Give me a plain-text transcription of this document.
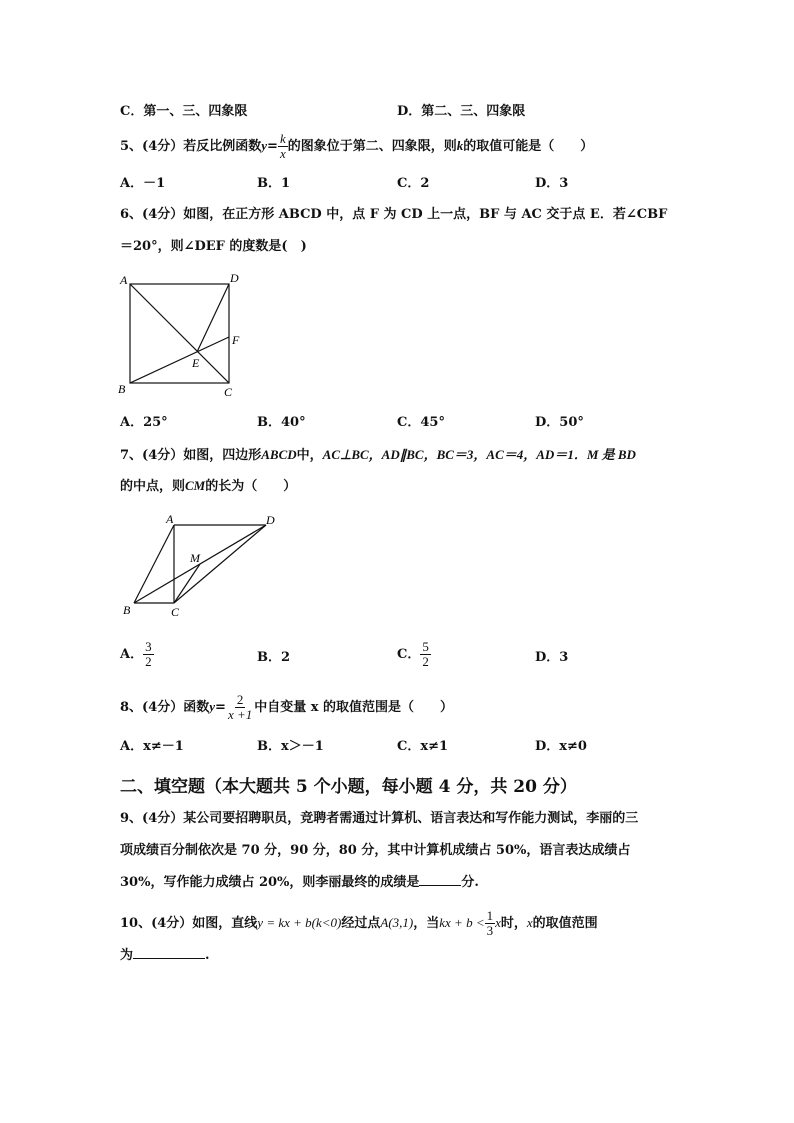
C．第一、三、四象限	D．第二、三、四象限
5、(4分）若反比例函数$y= \frac{k}{x}$ 的图象位于第二、四象限，则k的取值可能是（　　）
A．－1	B．1	C．2	D．3
6、(4分）如图，在正方形 ABCD 中，点 F 为 CD 上一点，BF 与 AC 交于点 E．若∠CBF
＝20°，则∠DEF 的度数是(　)
A	D
F
E
B	C
A．25°	B．40°	C．45°	D．50°
7、(4分）如图，四边形ABCD中，AC⊥BC，AD∥BC，BC＝3，AC＝4，AD＝1．M 是 BD
的中点，则CM的长为（　　）
A	D
M
B	C
A． $\frac{3}{2}$	B．2	C． $\frac{5}{2}$	D．3
8、(4分）函数$y= \frac{2}{x +1}$ 中自变量 x 的取值范围是（　　）
A．x≠－1	B．x＞－1	C．x≠1	D．x≠0
二、填空题（本大题共 5 个小题，每小题 4 分，共 20 分）
9、(4分）某公司要招聘职员，竞聘者需通过计算机、语言表达和写作能力测试，李丽的三
项成绩百分制依次是 70 分，90 分，80 分，其中计算机成绩占 50%，语言表达成绩占
30%，写作能力成绩占 20%，则李丽最终的成绩是	分.
10、(4分）如图，直线y = kx + b(k<0)经过点A(3,1)，当kx + $b < \frac{1}{3}$ x时，x的取值范围
为	.
